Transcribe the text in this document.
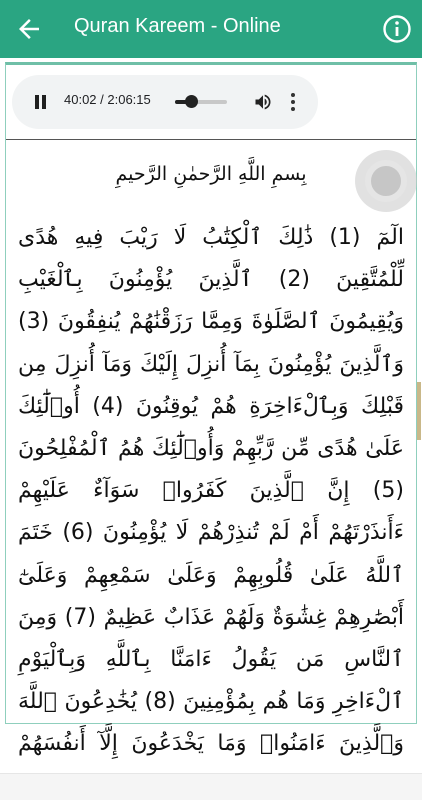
Quran Kareem - Online
40:02 / 2:06:15
بِسمِ اللَّهِ الرَّحمٰنِ الرَّحيمِ
الٓمٓ (1) ذَٰلِكَ ٱلْكِتَٰبُ لَا رَيْبَ فِيهِ هُدًى لِّلْمُتَّقِينَ (2) ٱلَّذِينَ يُؤْمِنُونَ بِٱلْغَيْبِ وَيُقِيمُونَ ٱلصَّلَوٰةَ وَمِمَّا رَزَقْنَٰهُمْ يُنفِقُونَ (3) وَٱلَّذِينَ يُؤْمِنُونَ بِمَآ أُنزِلَ إِلَيْكَ وَمَآ أُنزِلَ مِن قَبْلِكَ وَبِٱلْءَاخِرَةِ هُمْ يُوقِنُونَ (4) أُو۟لَٰٓئِكَ عَلَىٰ هُدًى مِّن رَّبِّهِمْ وَأُو۟لَٰٓئِكَ هُمُ ٱلْمُفْلِحُونَ (5) إِنَّ ٱلَّذِينَ كَفَرُوا۟ سَوَآءٌ عَلَيْهِمْ ءَأَنذَرْتَهُمْ أَمْ لَمْ تُنذِرْهُمْ لَا يُؤْمِنُونَ (6) خَتَمَ ٱللَّهُ عَلَىٰ قُلُوبِهِمْ وَعَلَىٰ سَمْعِهِمْ وَعَلَىٰٓ أَبْصَٰرِهِمْ غِشَٰوَةٌ وَلَهُمْ عَذَابٌ عَظِيمٌ (7) وَمِنَ ٱلنَّاسِ مَن يَقُولُ ءَامَنَّا بِٱللَّهِ وَبِٱلْيَوْمِ ٱلْءَاخِرِ وَمَا هُم بِمُؤْمِنِينَ (8) يُخَٰدِعُونَ ٱللَّهَ وَٱلَّذِينَ ءَامَنُوا۟ وَمَا يَخْدَعُونَ إِلَّآ أَنفُسَهُمْ
